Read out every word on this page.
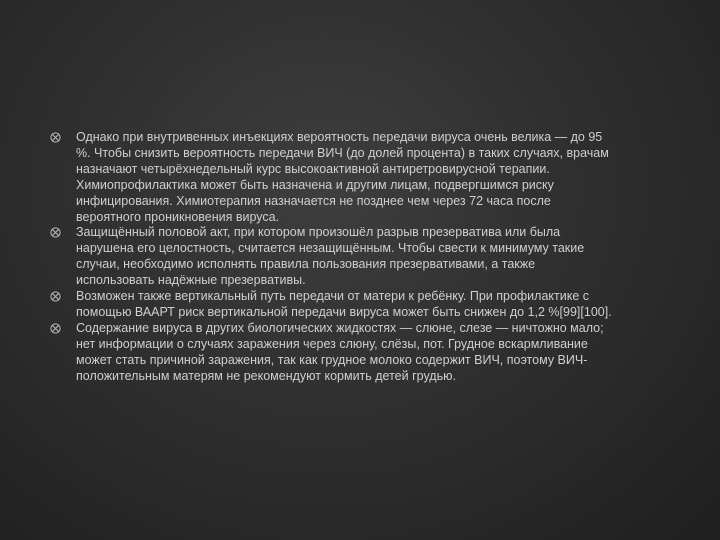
Однако при внутривенных инъекциях вероятность передачи вируса очень велика — до 95 %. Чтобы снизить вероятность передачи ВИЧ (до долей процента) в таких случаях, врачам назначают четырёхнедельный курс высокоактивной антиретровирусной терапии. Химиопрофилактика может быть назначена и другим лицам, подвергшимся риску инфицирования. Химиотерапия назначается не позднее чем через 72 часа после вероятного проникновения вируса.

Защищённый половой акт, при котором произошёл разрыв презерватива или была нарушена его целостность, считается незащищённым. Чтобы свести к минимуму такие случаи, необходимо исполнять правила пользования презервативами, а также использовать надёжные презервативы.

Возможен также вертикальный путь передачи от матери к ребёнку. При профилактике с помощью ВААРТ риск вертикальной передачи вируса может быть снижен до 1,2 %[99][100].

Содержание вируса в других биологических жидкостях — слюне, слезе — ничтожно мало; нет информации о случаях заражения через слюну, слёзы, пот. Грудное вскармливание может стать причиной заражения, так как грудное молоко содержит ВИЧ, поэтому ВИЧ-положительным матерям не рекомендуют кормить детей грудью.
